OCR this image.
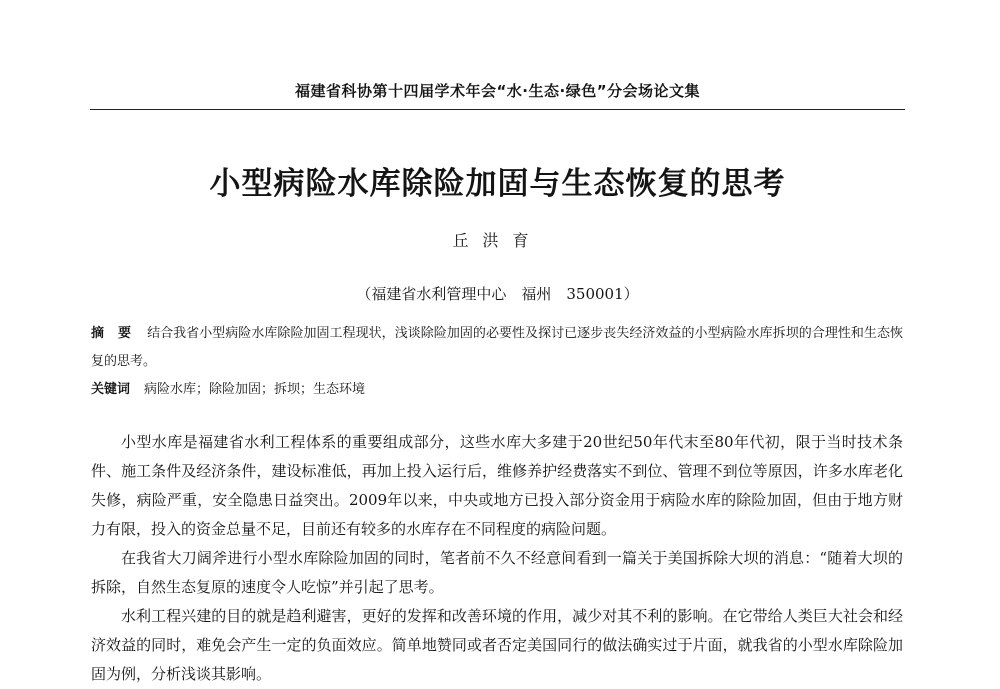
福建省科协第十四届学术年会“水·生态·绿色”分会场论文集
小型病险水库除险加固与生态恢复的思考
丘洪育
（福建省水利管理中心　福州　350001）
摘要 结合我省小型病险水库除险加固工程现状，浅谈除险加固的必要性及探讨已逐步丧失经济效益的小型病险水库拆坝的合理性和生态恢复的思考。
关键词 病险水库；除险加固；拆坝；生态环境

小型水库是福建省水利工程体系的重要组成部分，这些水库大多建于20世纪50年代末至80年代初，限于当时技术条件、施工条件及经济条件，建设标准低，再加上投入运行后，维修养护经费落实不到位、管理不到位等原因，许多水库老化失修，病险严重，安全隐患日益突出。2009年以来，中央或地方已投入部分资金用于病险水库的除险加固，但由于地方财力有限，投入的资金总量不足，目前还有较多的水库存在不同程度的病险问题。

在我省大刀阔斧进行小型水库除险加固的同时，笔者前不久不经意间看到一篇关于美国拆除大坝的消息：“随着大坝的拆除，自然生态复原的速度令人吃惊”并引起了思考。

水利工程兴建的目的就是趋利避害，更好的发挥和改善环境的作用，减少对其不利的影响。在它带给人类巨大社会和经济效益的同时，难免会产生一定的负面效应。简单地赞同或者否定美国同行的做法确实过于片面，就我省的小型水库除险加固为例，分析浅谈其影响。
